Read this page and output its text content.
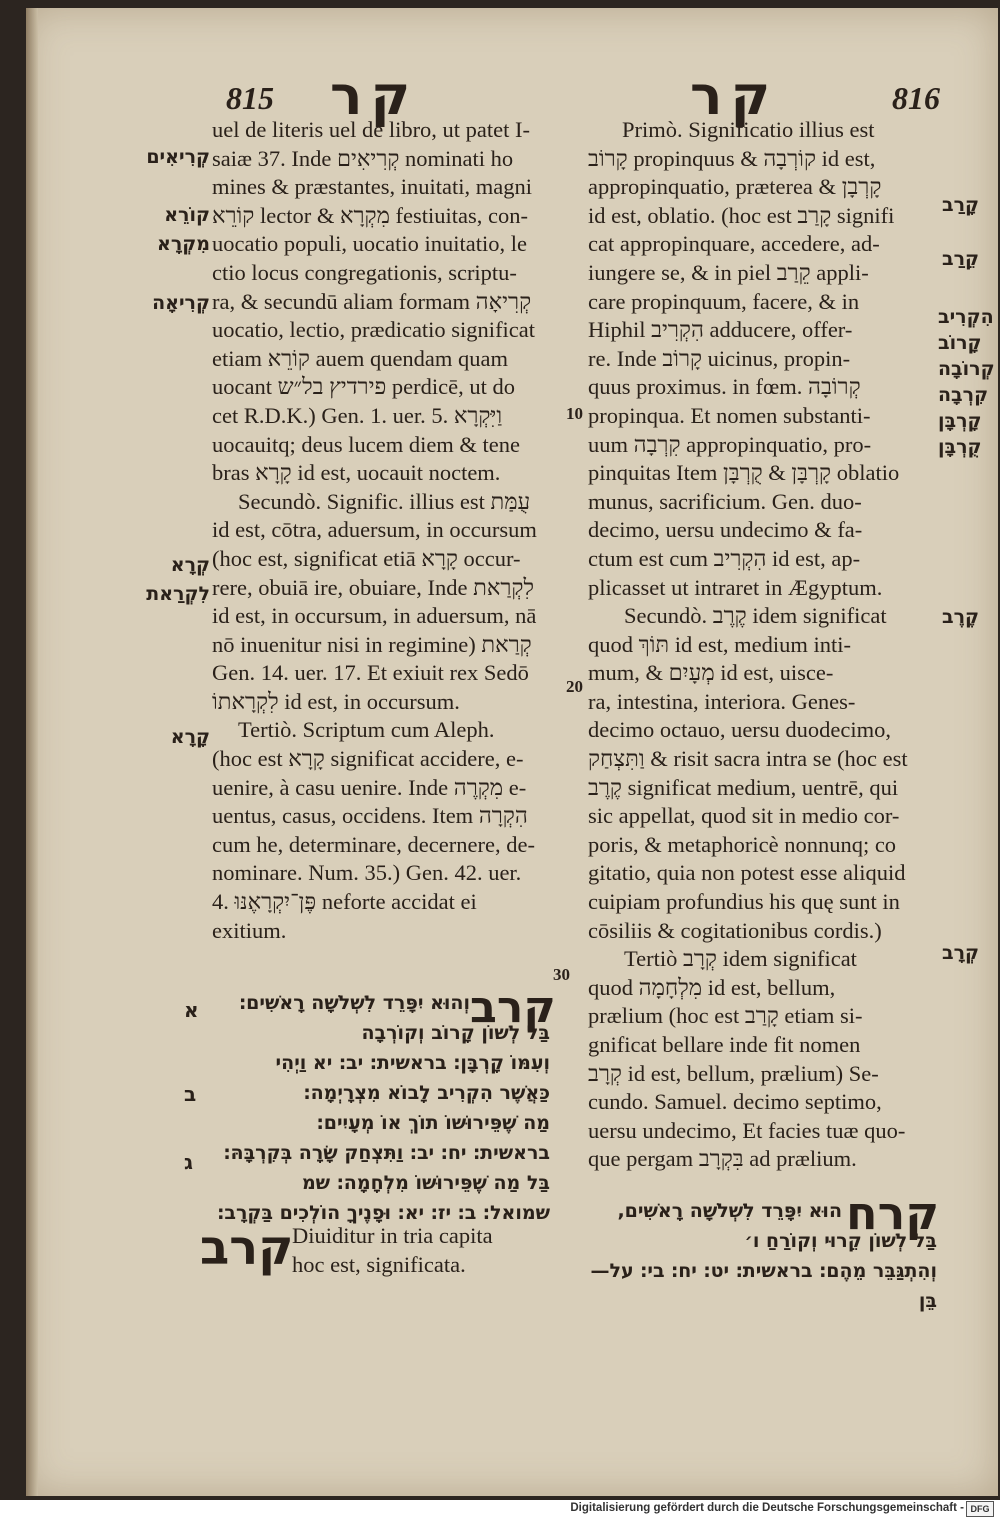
815 קר	קר	816
uel de literis uel de libro, ut patet I-
saiæ 37. Inde קְרִיאִים nominati ho
mines & præstantes, inuitati, magni
קוֹרֵא lector & מִקְרָא festiuitas, con-
uocatio populi, uocatio inuitatio, le
ctio locus congregationis, scriptu-
ra, & secundū aliam formam קְרִיאָה
uocatio, lectio, prædicatio significat
etiam קוֹרֵא auem quendam quam
uocant פירדיץ בל״ש perdicē, ut do
cet R.D.K.) Gen. 1. uer. 5. וַיִּקְרָא
uocauitq; deus lucem diem & tene
bras קָרָא id est, uocauit noctem.
Secundò. Signific. illius est עֻמַּת
id est, cōtra, aduersum, in occursum
(hoc est, significat etiā קָרָא occur-
rere, obuiā ire, obuiare, Inde לִקְרַאת
id est, in occursum, in aduersum, nā
nō inuenitur nisi in regimine) קְרַאת
Gen. 14. uer. 17. Et exiuit rex Sedō
לִקְרָאתוֹ id est, in occursum.
Tertiò. Scriptum cum Aleph.
(hoc est קָרָא significat accidere, e-
uenire, à casu uenire. Inde מִקְרֶה e-
uentus, casus, occidens. Item הִקְרָה
cum he, determinare, decernere, de-
nominare. Num. 35.) Gen. 42. uer.
4. פֶּן־יִקְרָאֶנּוּ neforte accidat ei
exitium.
קְרִיאִים
קוֹרֵא
מִקְרָא
קְרִיאָה
קְרָא
לִקְרַאת
קָרָא
10
20
30
Primò. Significatio illius est
קָרוֹב propinquus & קוֹרְבָה id est,
appropinquatio, præterea & קָרְבָן
id est, oblatio. (hoc est קָרַב signifi
cat appropinquare, accedere, ad-
iungere se, & in piel קֵרַב appli-
care propinquum, facere, & in
Hiphil הִקְרִיב adducere, offer-
re. Inde קָרוֹב uicinus, propin-
quus proximus. in fœm. קְרוֹבָה
propinqua. Et nomen substanti-
uum קִרְבָה appropinquatio, pro-
pinquitas Item קָרְבָּן & קֻרְבָּן oblatio
munus, sacrificium. Gen. duo-
decimo, uersu undecimo & fa-
ctum est cum הִקְרִיב id est, ap-
plicasset ut intraret in Ægyptum.
Secundò. קֶרֶב idem significat
quod תּוֹךְ id est, medium inti-
mum, & מְעָיִם id est, uisce-
ra, intestina, interiora. Genes-
decimo octauo, uersu duodecimo,
וַתִּצְחַק & risit sacra intra se (hoc est
קֶרֶב significat medium, uentrē, qui
sic appellat, quod sit in medio cor-
poris, & metaphoricè nonnunq; co
gitatio, quia non potest esse aliquid
cuipiam profundius his quę sunt in
cōsiliis & cogitationibus cordis.)
Tertiò קְרָב idem significat
quod מִלְחָמָה id est, bellum,
prælium (hoc est קָרַב etiam si-
gnificat bellare inde fit nomen
קְרָב id est, bellum, prælium) Se-
cundo. Samuel. decimo septimo,
uersu undecimo, Et facies tuæ quo-
que pergam בִּקְרָב ad prælium.
קָרַב
קֵרַב
הִקְרִיב
קָרוֹב
קְרוֹבָה
קִרְבָה
קָרְבָּן
קֻרְבָּן
קֶרֶב
קְרָב
קרב
א
ב
ג
וְהוּא יִפָּרֵד לִשְׁלֹשָׁה רָאשִׁים׃
בַּל לְשׁוֹן קָרוֹב וְקוֹרְבָה
וְעִמּוֹ קָרְבָּן׃ בראשית׃ יב׃ יא וַיְהִי
כַּאֲשֶׁר הִקְרִיב לָבוֹא מִצְרָיְמָה׃
מַה שֶׁפֵּירוּשׁוֹ תוֹךְ אוֹ מְעָיִים׃
בראשית׃ יח׃ יב׃ וַתִּצְחַק שָׂרָה בְּקִרְבָּהּ׃
בַּל מַה שֶׁפֵּירוּשׁוֹ מִלְחָמָה׃ שמ
שמואל׃ ב׃ יז׃ יא׃ וּפָנֶיךָ הוֹלְכִים בַּקְרָב׃
קרב
Diuiditur in tria capita
hoc est, significata.
קרח
הוּא יִפָּרֵד לִשְׁלֹשָׁה רָאשִׁים,
בַּל לְשׁוֹן קֵרוּי וְקוֹרַחַ ו׳
וְהִתְגַּבֵּר מֵהֶם׃ בראשית׃ יט׃ יח׃ בי׃ על—
בֵּן
Digitalisierung gefördert durch die Deutsche Forschungsgemeinschaft - DFG
